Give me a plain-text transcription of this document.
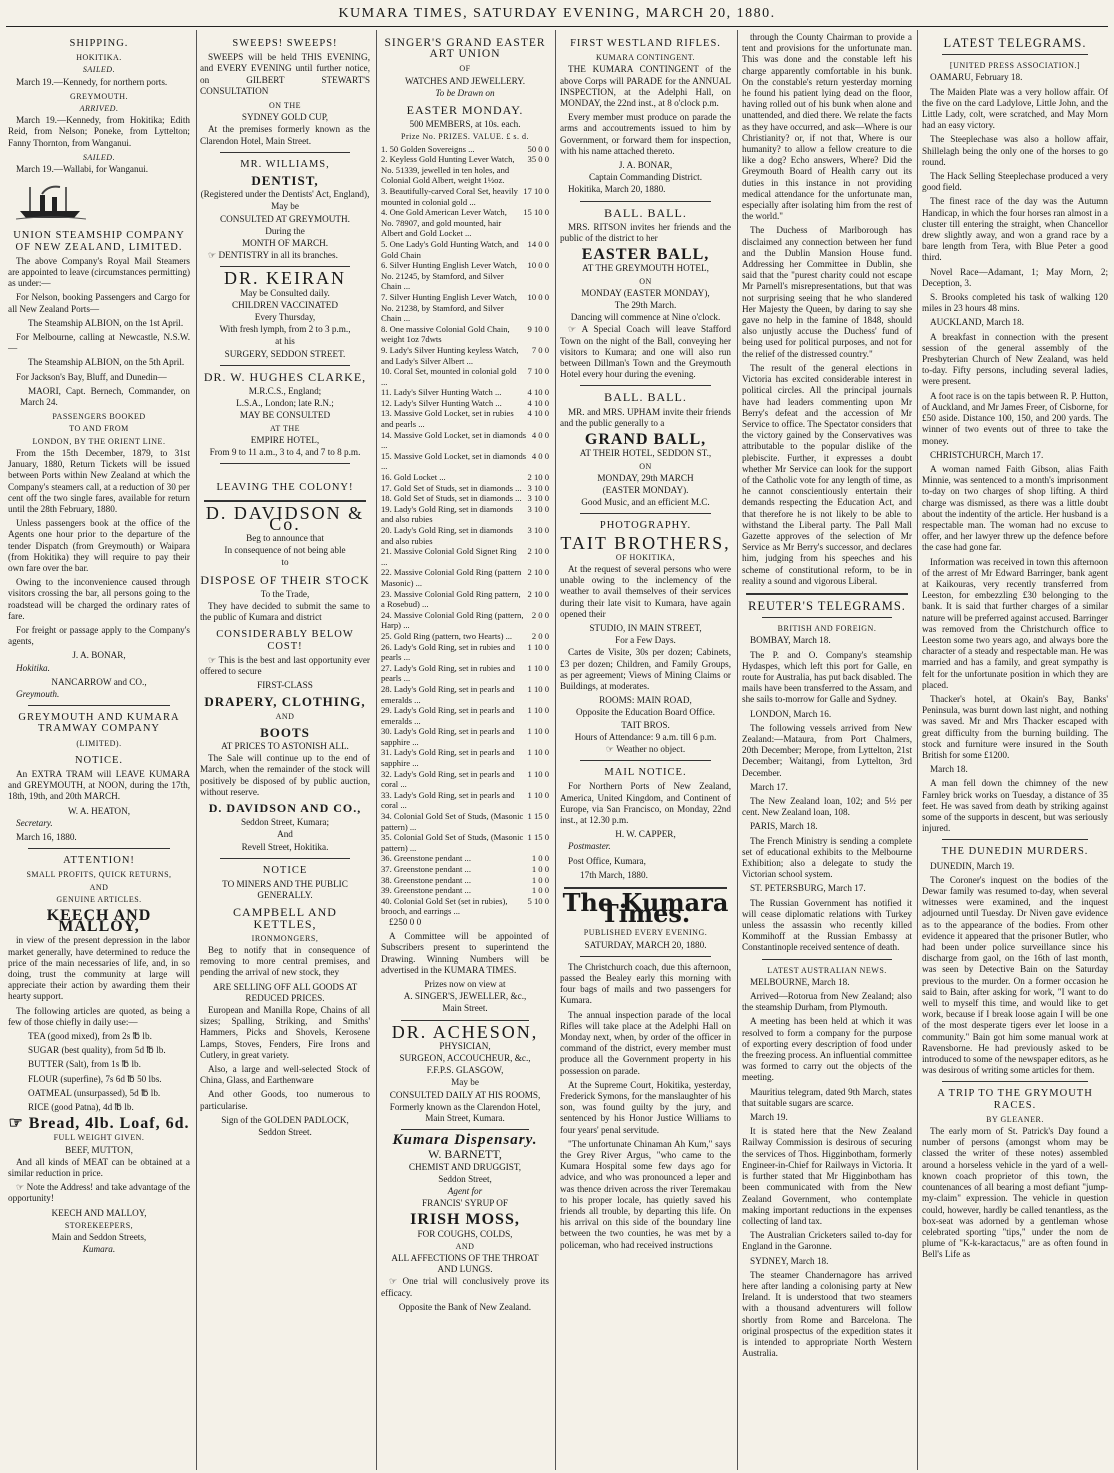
KUMARA TIMES, SATURDAY EVENING, MARCH 20, 1880.
SHIPPING.
HOKITIKA.
SAILED.

March 19.—Kennedy, for northern ports.

GREYMOUTH.
ARRIVED.

March 19.—Kennedy, from Hokitika; Edith Reid, from Nelson; Poneke, from Lyttelton; Fanny Thornton, from Wanganui.

SAILED.

March 19.—Wallabi, for Wanganui.

UNION STEAMSHIP COMPANY OF NEW ZEALAND, LIMITED.

The above Company's Royal Mail Steamers are appointed to leave (circumstances permitting) as under:—

For Nelson, booking Passengers and Cargo for all New Zealand Ports—

The Steamship ALBION, on the 1st April.

For Melbourne, calling at Newcastle, N.S.W.—

The Steamship ALBION, on the 5th April.

For Jackson's Bay, Bluff, and Dunedin—

MAORI, Capt. Bernech, Commander, on March 24.

PASSENGERS BOOKED
TO AND FROM
LONDON, BY THE ORIENT LINE.

From the 15th December, 1879, to 31st January, 1880, Return Tickets will be issued between Ports within New Zealand at which the Company's steamers call, at a reduction of 30 per cent off the two single fares, available for return until the 28th February, 1880.

Unless passengers book at the office of the Agents one hour prior to the departure of the tender Dispatch (from Greymouth) or Waipara (from Hokitika) they will require to pay their own fare over the bar.

Owing to the inconvenience caused through visitors crossing the bar, all persons going to the roadstead will be charged the ordinary rates of fare.

For freight or passage apply to the Company's agents,

J. A. BONAR,

Hokitika.

NANCARROW and CO.,

Greymouth.

GREYMOUTH AND KUMARA TRAMWAY COMPANY
(LIMITED).
NOTICE.

An EXTRA TRAM will LEAVE KUMARA and GREYMOUTH, at NOON, during the 17th, 18th, 19th, and 20th MARCH.

W. A. HEATON,

Secretary.

March 16, 1880.

ATTENTION!
SMALL PROFITS, QUICK RETURNS,
AND
GENUINE ARTICLES.
KEECH AND MALLOY,

in view of the present depression in the labor market generally, have determined to reduce the price of the main necessaries of life, and, in so doing, trust the community at large will appreciate their action by awarding them their hearty support.

The following articles are quoted, as being a few of those chiefly in daily use:—

TEA (good mixed), from 2s ℔ lb.

SUGAR (best quality), from 5d ℔ lb.

BUTTER (Salt), from 1s ℔ lb.

FLOUR (superfine), 7s 6d ℔ 50 lbs.

OATMEAL (unsurpassed), 5d ℔ lb.

RICE (good Patna), 4d ℔ lb.

☞ Bread, 4lb. Loaf, 6d.
FULL WEIGHT GIVEN.
BEEF, MUTTON,

And all kinds of MEAT can be obtained at a similar reduction in price.

☞ Note the Address! and take advantage of the opportunity!

KEECH AND MALLOY,
STOREKEEPERS,
Main and Seddon Streets,
Kumara.
SWEEPS! SWEEPS!

SWEEPS will be held THIS EVENING, and EVERY EVENING until further notice, on GILBERT STEWART'S CONSULTATION

ON THE
SYDNEY GOLD CUP,

At the premises formerly known as the Clarendon Hotel, Main Street.

MR. WILLIAMS,
DENTIST,
(Registered under the Dentists' Act, England),
May be
CONSULTED AT GREYMOUTH.
During the
MONTH OF MARCH.

☞ DENTISTRY in all its branches.

DR. KEIRAN
May be Consulted daily.
CHILDREN VACCINATED
Every Thursday,
With fresh lymph, from 2 to 3 p.m.,
at his
SURGERY, SEDDON STREET.
DR. W. HUGHES CLARKE,
M.R.C.S., England;
L.S.A., London; late R.N.;
MAY BE CONSULTED
AT THE
EMPIRE HOTEL,
From 9 to 11 a.m., 3 to 4, and 7 to 8 p.m.
LEAVING THE COLONY!
D. DAVIDSON & Co.
Beg to announce that
In consequence of not being able
to
DISPOSE OF THEIR STOCK
To the Trade,

They have decided to submit the same to the public of Kumara and district

CONSIDERABLY BELOW COST!

☞ This is the best and last opportunity ever offered to secure

FIRST-CLASS
DRAPERY, CLOTHING,
AND
BOOTS
AT PRICES TO ASTONISH ALL.

The Sale will continue up to the end of March, when the remainder of the stock will positively be disposed of by public auction, without reserve.

D. DAVIDSON AND CO.,
Seddon Street, Kumara;
And
Revell Street, Hokitika.
NOTICE
TO MINERS AND THE PUBLIC GENERALLY.
CAMPBELL AND KETTLES,
IRONMONGERS,

Beg to notify that in consequence of removing to more central premises, and pending the arrival of new stock, they

ARE SELLING OFF ALL GOODS AT REDUCED PRICES.

European and Manilla Rope, Chains of all sizes; Spalling, Striking, and Smiths' Hammers, Picks and Shovels, Kerosene Lamps, Stoves, Fenders, Fire Irons and Cutlery, in great variety.

Also, a large and well-selected Stock of China, Glass, and Earthenware

And other Goods, too numerous to particularise.

Sign of the GOLDEN PADLOCK,
Seddon Street.
SINGER'S GRAND EASTER ART UNION
OF
WATCHES AND JEWELLERY.
To be Drawn on
EASTER MONDAY.
500 MEMBERS, at 10s. each.
Prize No. PRIZES. VALUE. £ s. d.
1. 50 Golden Sovereigns ...	50 0 0
2. Keyless Gold Hunting Lever Watch, No. 51339, jewelled in ten holes, and Colonial Gold Albert, weight 1½oz.
35 0 0
3. Beautifully-carved Coral Set, heavily mounted in colonial gold ...
17 10 0
4. One Gold American Lever Watch, No. 78907, and gold mounted, hair Albert and Gold Locket ...
15 10 0
5. One Lady's Gold Hunting Watch, and Gold Chain
14 0 0
6. Silver Hunting English Lever Watch, No. 21245, by Stamford, and Silver Chain ...
10 0 0
7. Silver Hunting English Lever Watch, No. 21238, by Stamford, and Silver Chain ...
10 0 0
8. One massive Colonial Gold Chain, weight 1oz 7dwts
9 10 0
9. Lady's Silver Hunting keyless Watch, and Lady's Silver Albert ...
7 0 0
10. Coral Set, mounted in colonial gold ...
7 10 0
11. Lady's Silver Hunting Watch ...	4 10 0
12. Lady's Silver Hunting Watch ...	4 10 0
13. Massive Gold Locket, set in rubies and pearls ...
4 10 0
14. Massive Gold Locket, set in diamonds ...
4 0 0
15. Massive Gold Locket, set in diamonds ...
4 0 0
16. Gold Locket ...	2 10 0
17. Gold Set of Studs, set in diamonds ... 3 10 0
18. Gold Set of Studs, set in diamonds ... 3 10 0
19. Lady's Gold Ring, set in diamonds and also rubies
3 10 0
20. Lady's Gold Ring, set in diamonds and also rubies
3 10 0
21. Massive Colonial Gold Signet Ring ...
2 10 0
22. Massive Colonial Gold Ring (pattern Masonic) ...
2 10 0
23. Massive Colonial Gold Ring pattern, a Rosebud) ...
2 10 0
24. Massive Colonial Gold Ring (pattern, Harp) ...
2 0 0
25. Gold Ring (pattern, two Hearts) ...	2 0 0
26. Lady's Gold Ring, set in rubies and pearls ...
1 10 0
27. Lady's Gold Ring, set in rubies and pearls ...
1 10 0
28. Lady's Gold Ring, set in pearls and emeralds ...
1 10 0
29. Lady's Gold Ring, set in pearls and emeralds ...
1 10 0
30. Lady's Gold Ring, set in pearls and sapphire ...
1 10 0
31. Lady's Gold Ring, set in pearls and sapphire ...
1 10 0
32. Lady's Gold Ring, set in pearls and coral ...
1 10 0
33. Lady's Gold Ring, set in pearls and coral ...
1 10 0
34. Colonial Gold Set of Studs, (Masonic pattern) ...
1 15 0
35. Colonial Gold Set of Studs, (Masonic pattern) ...
1 15 0
36. Greenstone pendant ...	1 0 0
37. Greenstone pendant ...	1 0 0
38. Greenstone pendant ...	1 0 0
39. Greenstone pendant ...	1 0 0
40. Colonial Gold Set (set in rubies), brooch, and earrings ...
5 10 0

£250 0 0

A Committee will be appointed of Subscribers present to superintend the Drawing. Winning Numbers will be advertised in the KUMARA TIMES.

Prizes now on view at
A. SINGER'S, JEWELLER, &c.,
Main Street.
DR. ACHESON,
PHYSICIAN,
SURGEON, ACCOUCHEUR, &c.,
F.F.P.S. GLASGOW,
May be
CONSULTED DAILY AT HIS ROOMS,
Formerly known as the Clarendon Hotel, Main Street, Kumara.
Kumara Dispensary.
W. BARNETT,
CHEMIST AND DRUGGIST,
Seddon Street,
Agent for
FRANCIS' SYRUP OF
IRISH MOSS,
FOR COUGHS, COLDS,
AND
ALL AFFECTIONS OF THE THROAT AND LUNGS.

☞ One trial will conclusively prove its efficacy.

Opposite the Bank of New Zealand.
FIRST WESTLAND RIFLES.
KUMARA CONTINGENT.

THE KUMARA CONTINGENT of the above Corps will PARADE for the ANNUAL INSPECTION, at the Adelphi Hall, on MONDAY, the 22nd inst., at 8 o'clock p.m.

Every member must produce on parade the arms and accoutrements issued to him by Government, or forward them for inspection, with his name attached thereto.

J. A. BONAR,
Captain Commanding District.

Hokitika, March 20, 1880.

BALL. BALL.

MRS. RITSON invites her friends and the public of the district to her

EASTER BALL,
AT THE GREYMOUTH HOTEL,
ON
MONDAY (EASTER MONDAY),
The 29th March.
Dancing will commence at Nine o'clock.

☞ A Special Coach will leave Stafford Town on the night of the Ball, conveying her visitors to Kumara; and one will also run between Dillman's Town and the Greymouth Hotel every hour during the evening.

BALL. BALL.

MR. and MRS. UPHAM invite their friends and the public generally to a

GRAND BALL,
AT THEIR HOTEL, SEDDON ST.,
ON
MONDAY, 29th MARCH
(EASTER MONDAY).
Good Music, and an efficient M.C.
PHOTOGRAPHY.
TAIT BROTHERS,
OF HOKITIKA,

At the request of several persons who were unable owing to the inclemency of the weather to avail themselves of their services during their late visit to Kumara, have again opened their

STUDIO, IN MAIN STREET,
For a Few Days.

Cartes de Visite, 30s per dozen; Cabinets, £3 per dozen; Children, and Family Groups, as per agreement; Views of Mining Claims or Buildings, at moderates.

ROOMS: MAIN ROAD,
Opposite the Education Board Office.
TAIT BROS.
Hours of Attendance: 9 a.m. till 6 p.m.
☞ Weather no object.
MAIL NOTICE.

For Northern Ports of New Zealand, America, United Kingdom, and Continent of Europe, via San Francisco, on Monday, 22nd inst., at 12.30 p.m.

H. W. CAPPER,

Postmaster.

Post Office, Kumara,

17th March, 1880.

The Kumara Times.
PUBLISHED EVERY EVENING.
SATURDAY, MARCH 20, 1880.

The Christchurch coach, due this afternoon, passed the Bealey early this morning with four bags of mails and two passengers for Kumara.

The annual inspection parade of the local Rifles will take place at the Adelphi Hall on Monday next, when, by order of the officer in command of the district, every member must produce all the Government property in his possession on parade.

At the Supreme Court, Hokitika, yesterday, Frederick Symons, for the manslaughter of his son, was found guilty by the jury, and sentenced by his Honor Justice Williams to four years' penal servitude.

"The unfortunate Chinaman Ah Kum," says the Grey River Argus, "who came to the Kumara Hospital some few days ago for advice, and who was pronounced a leper and was thence driven across the river Teremakau to his proper locale, has quietly saved his friends all trouble, by departing this life. On his arrival on this side of the boundary line between the two counties, he was met by a policeman, who had received instructions

through the County Chairman to provide a tent and provisions for the unfortunate man. This was done and the constable left his charge apparently comfortable in his bunk. On the constable's return yesterday morning he found his patient lying dead on the floor, having rolled out of his bunk when alone and unattended, and died there. We relate the facts as they have occurred, and ask—Where is our Christianity? or, if not that, Where is our humanity? to allow a fellow creature to die like a dog? Echo answers, Where? Did the Greymouth Board of Health carry out its duties in this instance in not providing medical attendance for the unfortunate man, especially after isolating him from the rest of the world."

The Duchess of Marlborough has disclaimed any connection between her fund and the Dublin Mansion House fund. Addressing her Committee in Dublin, she said that the "purest charity could not escape Mr Parnell's misrepresentations, but that was not surprising seeing that he who slandered Her Majesty the Queen, by daring to say she gave no help in the famine of 1848, should also unjustly accuse the Duchess' fund of being used for political purposes, and not for the relief of the distressed country."

The result of the general elections in Victoria has excited considerable interest in political circles. All the principal journals have had leaders commenting upon Mr Berry's defeat and the accession of Mr Service to office. The Spectator considers that the victory gained by the Conservatives was attributable to the popular dislike of the plebiscite. Further, it expresses a doubt whether Mr Service can look for the support of the Catholic vote for any length of time, as he cannot conscientiously entertain their demands respecting the Education Act, and that therefore he is not likely to be able to withstand the Liberal party. The Pall Mall Gazette approves of the selection of Mr Service as Mr Berry's successor, and declares him, judging from his speeches and his scheme of constitutional reform, to be in reality a sound and vigorous Liberal.

REUTER'S TELEGRAMS.
BRITISH AND FOREIGN.

BOMBAY, March 18.

The P. and O. Company's steamship Hydaspes, which left this port for Galle, en route for Australia, has put back disabled. The mails have been transferred to the Assam, and she sails to-morrow for Galle and Sydney.

LONDON, March 16.

The following vessels arrived from New Zealand:—Mataura, from Port Chalmers, 20th December; Merope, from Lyttelton, 21st December; Waitangi, from Lyttelton, 3rd December.

March 17.

The New Zealand loan, 102; and 5½ per cent. New Zealand loan, 108.

PARIS, March 18.

The French Ministry is sending a complete set of educational exhibits to the Melbourne Exhibition; also a delegate to study the Victorian school system.

ST. PETERSBURG, March 17.

The Russian Government has notified it will cease diplomatic relations with Turkey unless the assassin who recently killed Kommihoff at the Russian Embassy at Constantinople received sentence of death.

LATEST AUSTRALIAN NEWS.

MELBOURNE, March 18.

Arrived—Rotorua from New Zealand; also the steamship Durham, from Plymouth.

A meeting has been held at which it was resolved to form a company for the purpose of exporting every description of food under the freezing process. An influential committee was formed to carry out the objects of the meeting.

Mauritius telegram, dated 9th March, states that suitable sugars are scarce.

March 19.

It is stated here that the New Zealand Railway Commission is desirous of securing the services of Thos. Higginbotham, formerly Engineer-in-Chief for Railways in Victoria. It is further stated that Mr Higginbotham has been communicated with from the New Zealand Government, who contemplate making important reductions in the expenses collecting of land tax.

The Australian Cricketers sailed to-day for England in the Garonne.

SYDNEY, March 18.

The steamer Chandernagore has arrived here after landing a colonising party at New Ireland. It is understood that two steamers with a thousand adventurers will follow shortly from Rome and Barcelona. The original prospectus of the expedition states it is intended to appropriate North Western Australia.

LATEST TELEGRAMS.
[UNITED PRESS ASSOCIATION.]

OAMARU, February 18.

The Maiden Plate was a very hollow affair. Of the five on the card Ladylove, Little John, and the Little Lady, colt, were scratched, and May Morn had an easy victory.

The Steeplechase was also a hollow affair, Shillelagh being the only one of the horses to go round.

The Hack Selling Steeplechase produced a very good field.

The finest race of the day was the Autumn Handicap, in which the four horses ran almost in a cluster till entering the straight, when Chancellor drew slightly away, and won a grand race by a bare length from Tera, with Blue Peter a good third.

Novel Race—Adamant, 1; May Morn, 2; Deception, 3.

S. Brooks completed his task of walking 120 miles in 23 hours 48 mins.

AUCKLAND, March 18.

A breakfast in connection with the present session of the general assembly of the Presbyterian Church of New Zealand, was held to-day. Fifty persons, including several ladies, were present.

A foot race is on the tapis between R. P. Hutton, of Auckland, and Mr James Freer, of Cisborne, for £50 aside. Distance 100, 150, and 200 yards. The winner of two events out of three to take the money.

CHRISTCHURCH, March 17.

A woman named Faith Gibson, alias Faith Minnie, was sentenced to a month's imprisonment to-day on two charges of shop lifting. A third charge was dismissed, as there was a little doubt about the indentity of the article. Her husband is a respectable man. The woman had no excuse to offer, and her lawyer threw up the defence before the case had gone far.

Information was received in town this afternoon of the arrest of Mr Edward Barringer, bank agent at Kaikouras, very recently transferred from Leeston, for embezzling £30 belonging to the bank. It is said that further charges of a similar nature will be preferred against accused. Barringer was removed from the Christchurch office to Leeston some two years ago, and always bore the character of a steady and respectable man. He was married and has a family, and great sympathy is felt for the unfortunate position in which they are placed.

Thacker's hotel, at Okain's Bay, Banks' Peninsula, was burnt down last night, and nothing was saved. Mr and Mrs Thacker escaped with great difficulty from the burning building. The stock and furniture were insured in the South British for some £1200.

March 18.

A man fell down the chimney of the new Farnley brick works on Tuesday, a distance of 35 feet. He was saved from death by striking against some of the supports in descent, but was seriously injured.

THE DUNEDIN MURDERS.

DUNEDIN, March 19.

The Coroner's inquest on the bodies of the Dewar family was resumed to-day, when several witnesses were examined, and the inquest adjourned until Tuesday. Dr Niven gave evidence as to the appearance of the bodies. From other evidence it appeared that the prisoner Butler, who had been under police surveillance since his discharge from gaol, on the 16th of last month, was seen by Detective Bain on the Saturday previous to the murder. On a former occasion he said to Bain, after asking for work, "I want to do well to myself this time, and would like to get work, because if I break loose again I will be one of the most desperate tigers ever let loose in a community." Bain got him some manual work at Ravensborne. He had previously asked to be introduced to some of the newspaper editors, as he was desirous of writing some articles for them.

A TRIP TO THE GRYMOUTH RACES.
BY GLEANER.

The early morn of St. Patrick's Day found a number of persons (amongst whom may be classed the writer of these notes) assembled around a horseless vehicle in the yard of a well-known coach proprietor of this town, the countenances of all bearing a most defiant "jump-my-claim" expression. The vehicle in question could, however, hardly be called tenantless, as the box-seat was adorned by a gentleman whose celebrated sporting "tips," under the nom de plume of "K-k-karactacus," are as often found in Bell's Life as
